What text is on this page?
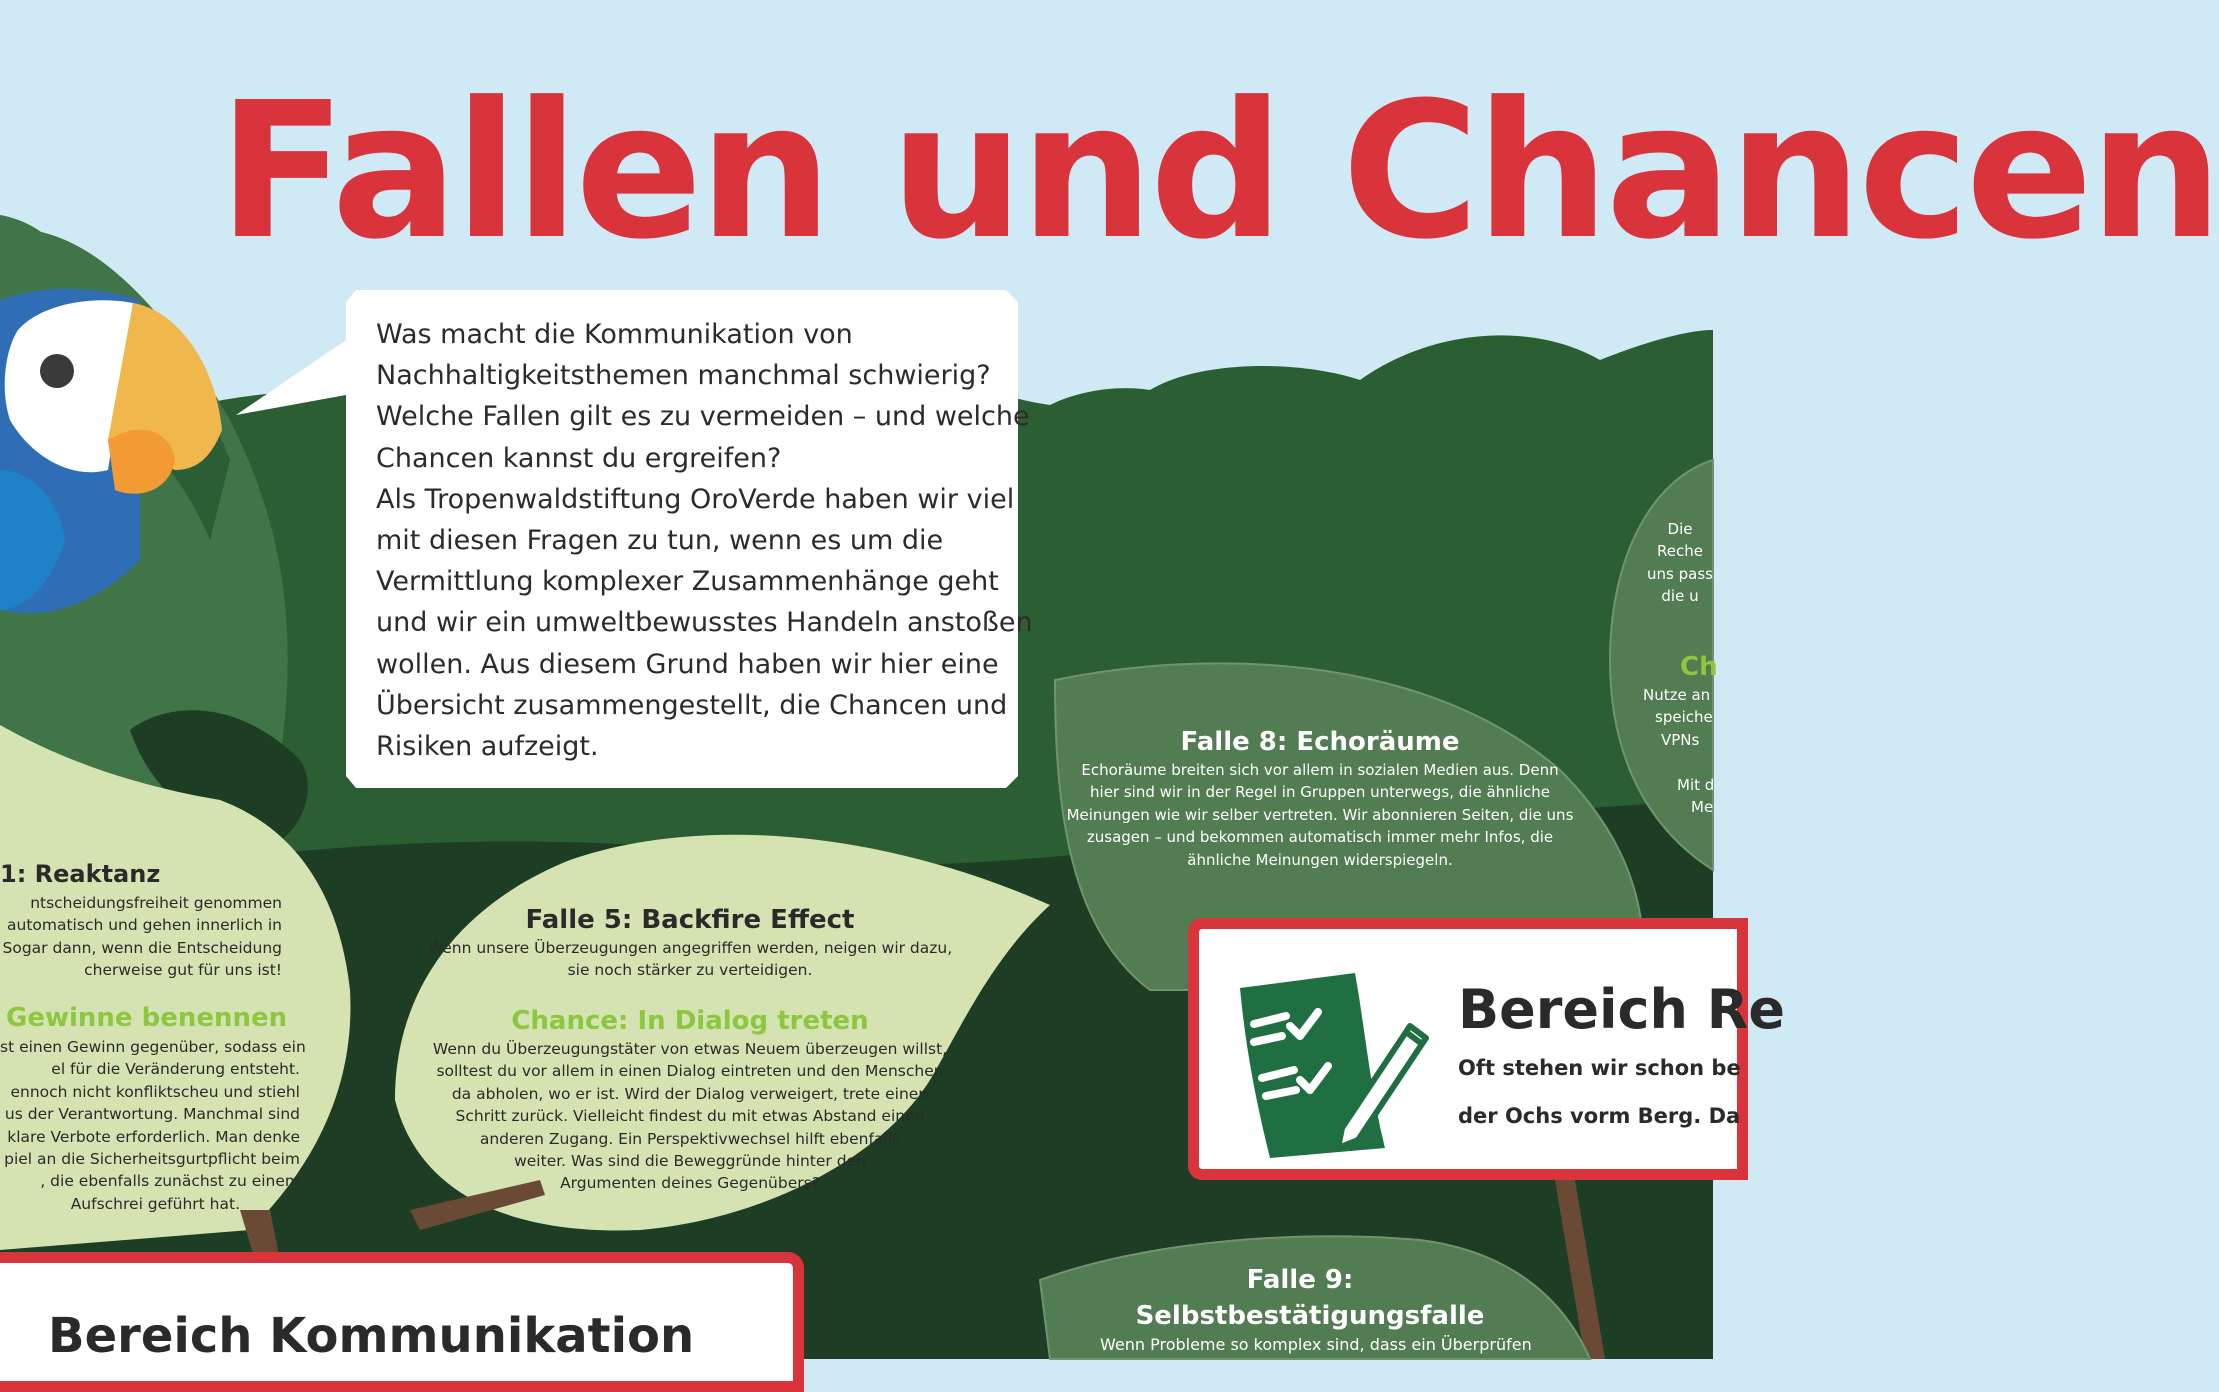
Fallen und Chancen
Was macht die Kommunikation von
Nachhaltigkeitsthemen manchmal schwierig?
Welche Fallen gilt es zu vermeiden – und welche
Chancen kannst du ergreifen?
Als Tropenwaldstiftung OroVerde haben wir viel
mit diesen Fragen zu tun, wenn es um die
Vermittlung komplexer Zusammenhänge geht
und wir ein umweltbewusstes Handeln anstoßen
wollen. Aus diesem Grund haben wir hier eine
Übersicht zusammengestellt, die Chancen und
Risiken aufzeigt.
1: Reaktanz
ntscheidungsfreiheit genommen
automatisch und gehen innerlich in
Sogar dann, wenn die Entscheidung
cherweise gut für uns ist!
Gewinne benennen
st einen Gewinn gegenüber, sodass ein
el für die Veränderung entsteht.
ennoch nicht konfliktscheu und stiehl
us der Verantwortung. Manchmal sind
klare Verbote erforderlich. Man denke
piel an die Sicherheitsgurtpflicht beim
, die ebenfalls zunächst zu einem
Aufschrei geführt hat.
Falle 5: Backfire Effect
Wenn unsere Überzeugungen angegriffen werden, neigen wir dazu,
sie noch stärker zu verteidigen.
Chance: In Dialog treten
Wenn du Überzeugungstäter von etwas Neuem überzeugen willst,
solltest du vor allem in einen Dialog eintreten und den Menschen
da abholen, wo er ist. Wird der Dialog verweigert, trete einen
Schritt zurück. Vielleicht findest du mit etwas Abstand einen
anderen Zugang. Ein Perspektivwechsel hilft ebenfalls
weiter. Was sind die Beweggründe hinter den
Argumenten deines Gegenübers?
Falle 8: Echoräume
Echoräume breiten sich vor allem in sozialen Medien aus. Denn
hier sind wir in der Regel in Gruppen unterwegs, die ähnliche
Meinungen wie wir selber vertreten. Wir abonnieren Seiten, die uns
zusagen – und bekommen automatisch immer mehr Infos, die
ähnliche Meinungen widerspiegeln.
Die
Reche
uns pass
die u
Ch
Nutze an
speiche
VPNs

Mit d
Me
Bereich Re
Oft stehen wir schon be
der Ochs vorm Berg. Da
Falle 9:
Selbstbestätigungsfalle
Wenn Probleme so komplex sind, dass ein Überprüfen
Bereich Kommunikation
